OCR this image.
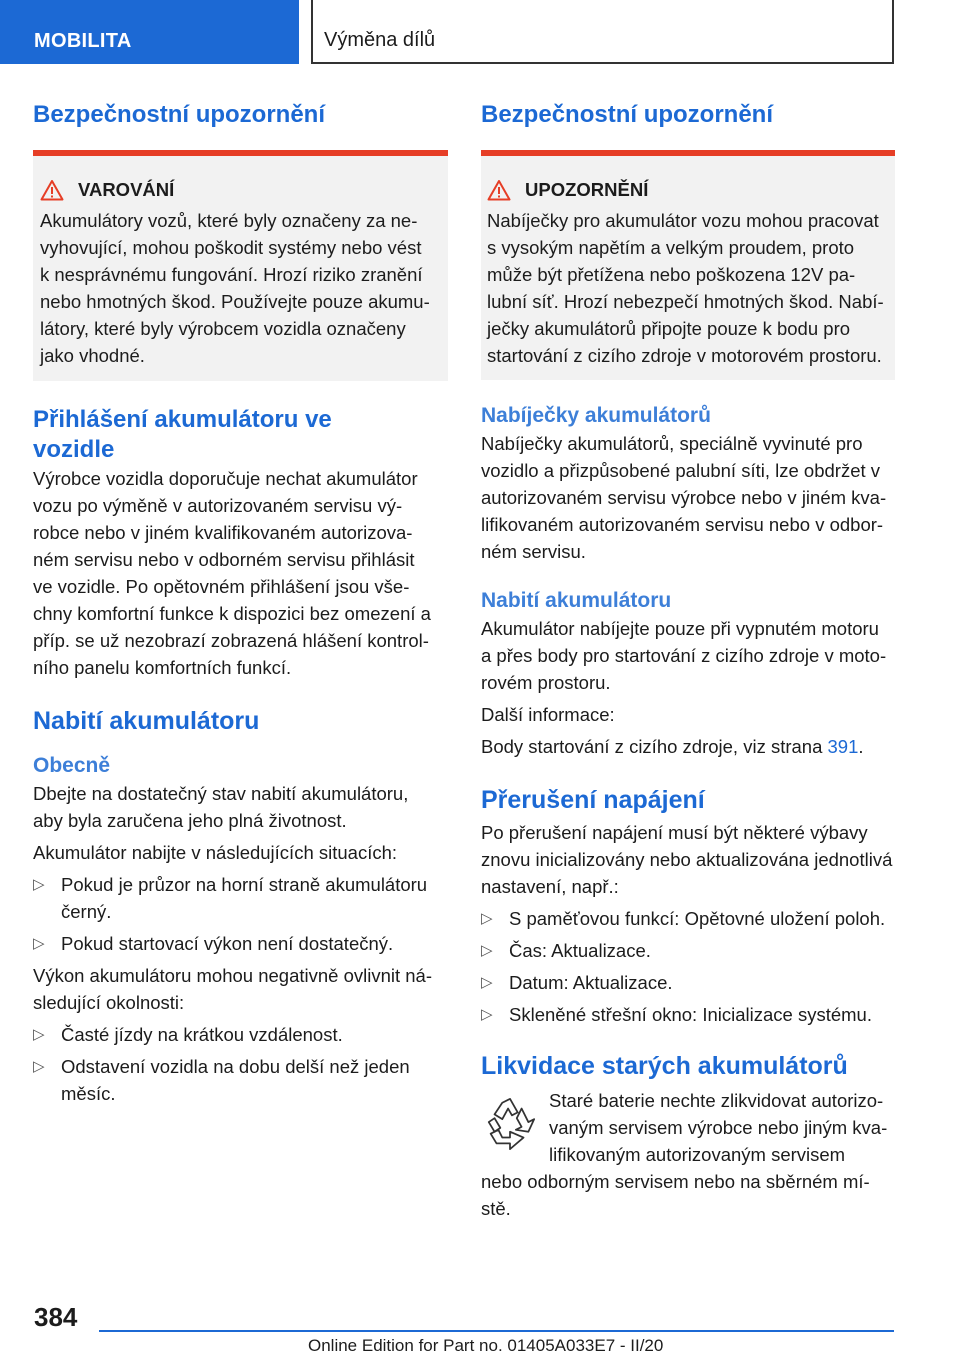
MOBILITA	Výměna dílů
Bezpečnostní upozornění
VAROVÁNÍ

Akumulátory vozů, které byly označeny za ne-

vyhovující, mohou poškodit systémy nebo vést

k nesprávnému fungování. Hrozí riziko zranění

nebo hmotných škod. Používejte pouze akumu-

látory, které byly výrobcem vozidla označeny

jako vhodné.

Přihlášení akumulátoru ve
vozidle

Výrobce vozidla doporučuje nechat akumulátor

vozu po výměně v autorizovaném servisu vý-

robce nebo v jiném kvalifikovaném autorizova-

ném servisu nebo v odborném servisu přihlásit

ve vozidle. Po opětovném přihlášení jsou vše-

chny komfortní funkce k dispozici bez omezení a

příp. se už nezobrazí zobrazená hlášení kontrol-

ního panelu komfortních funkcí.

Nabití akumulátoru
Obecně

Dbejte na dostatečný stav nabití akumulátoru,

aby byla zaručena jeho plná životnost.

Akumulátor nabijte v následujících situacích:

▷ Pokud je průzor na horní straně akumulátoru
černý.
▷ Pokud startovací výkon není dostatečný.

Výkon akumulátoru mohou negativně ovlivnit ná-

sledující okolnosti:

▷ Časté jízdy na krátkou vzdálenost.
▷ Odstavení vozidla na dobu delší než jeden
měsíc.
Bezpečnostní upozornění
UPOZORNĚNÍ

Nabíječky pro akumulátor vozu mohou pracovat

s vysokým napětím a velkým proudem, proto

může být přetížena nebo poškozena 12V pa-

lubní síť. Hrozí nebezpečí hmotných škod. Nabí-

ječky akumulátorů připojte pouze k bodu pro

startování z cizího zdroje v motorovém prostoru.

Nabíječky akumulátorů

Nabíječky akumulátorů, speciálně vyvinuté pro

vozidlo a přizpůsobené palubní síti, lze obdržet v

autorizovaném servisu výrobce nebo v jiném kva-

lifikovaném autorizovaném servisu nebo v odbor-

ném servisu.

Nabití akumulátoru

Akumulátor nabíjejte pouze při vypnutém motoru

a přes body pro startování z cizího zdroje v moto-

rovém prostoru.

Další informace:

Body startování z cizího zdroje, viz strana 391.

Přerušení napájení

Po přerušení napájení musí být některé výbavy

znovu inicializovány nebo aktualizována jednotlivá

nastavení, např.:

▷ S paměťovou funkcí: Opětovné uložení poloh.
▷ Čas: Aktualizace.
▷ Datum: Aktualizace.
▷ Skleněné střešní okno: Inicializace systému.
Likvidace starých akumulátorů

Staré baterie nechte zlikvidovat autorizo-

vaným servisem výrobce nebo jiným kva-

lifikovaným autorizovaným servisem

nebo odborným servisem nebo na sběrném mí-

stě.

384
Online Edition for Part no. 01405A033E7 - II/20
